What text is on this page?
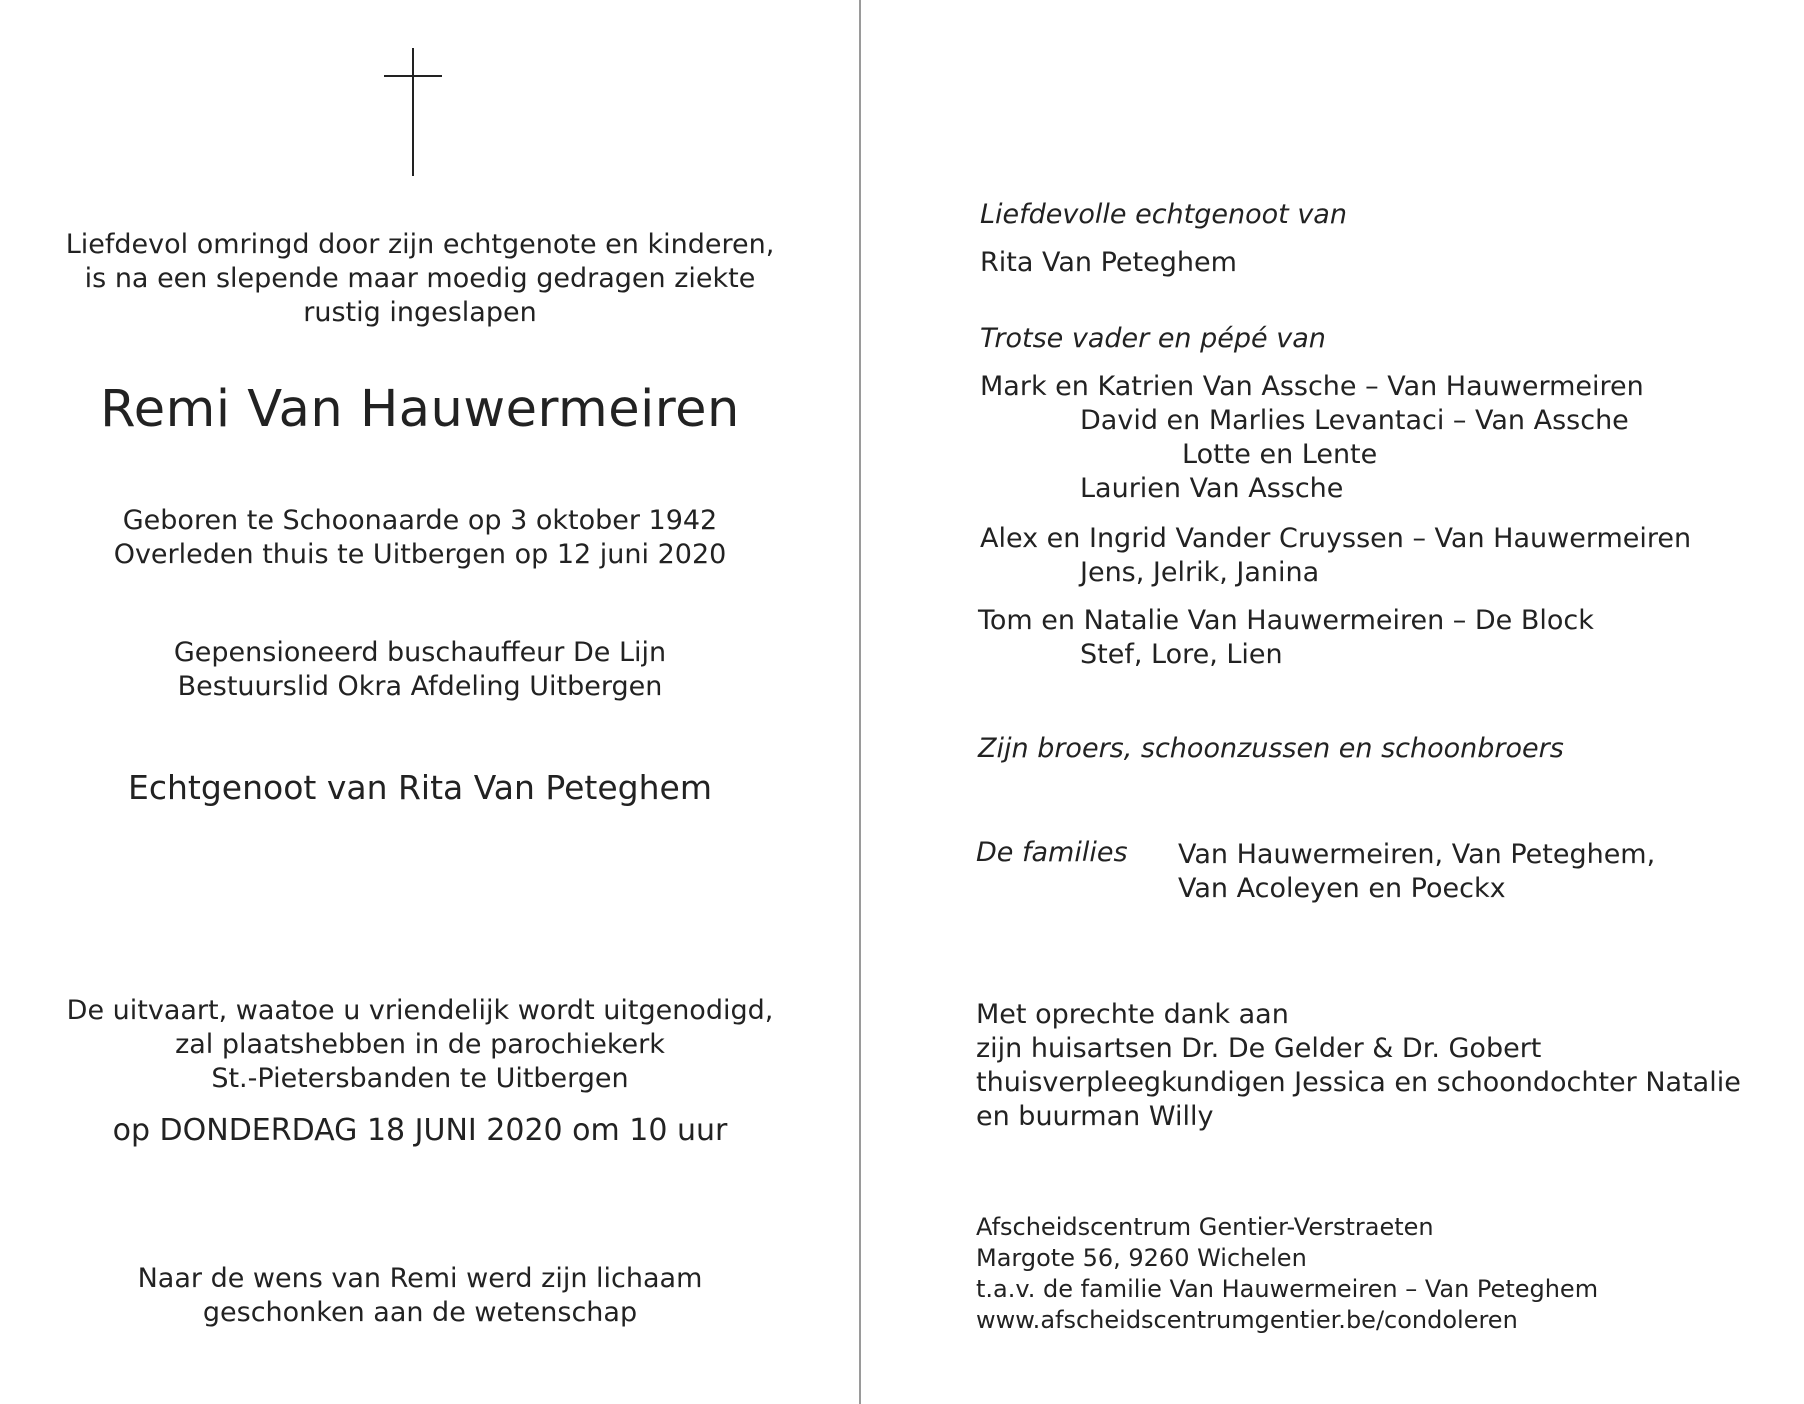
Liefdevol omringd door zijn echtgenote en kinderen,
is na een slepende maar moedig gedragen ziekte
rustig ingeslapen
Remi Van Hauwermeiren
Geboren te Schoonaarde op 3 oktober 1942
Overleden thuis te Uitbergen op 12 juni 2020
Gepensioneerd buschauffeur De Lijn
Bestuurslid Okra Afdeling Uitbergen
Echtgenoot van Rita Van Peteghem
De uitvaart, waatoe u vriendelijk wordt uitgenodigd,
zal plaatshebben in de parochiekerk
St.-Pietersbanden te Uitbergen
op DONDERDAG 18 JUNI 2020 om 10 uur
Naar de wens van Remi werd zijn lichaam
geschonken aan de wetenschap
Liefdevolle echtgenoot van
Rita Van Peteghem
Trotse vader en pépé van
Mark en Katrien Van Assche – Van Hauwermeiren
David en Marlies Levantaci – Van Assche
Lotte en Lente
Laurien Van Assche
Alex en Ingrid Vander Cruyssen – Van Hauwermeiren
Jens, Jelrik, Janina
Tom en Natalie Van Hauwermeiren – De Block
Stef, Lore, Lien
Zijn broers, schoonzussen en schoonbroers
De families Van Hauwermeiren, Van Peteghem,
Van Acoleyen en Poeckx
Met oprechte dank aan
zijn huisartsen Dr. De Gelder & Dr. Gobert
thuisverpleegkundigen Jessica en schoondochter Natalie
en buurman Willy
Afscheidscentrum Gentier-Verstraeten
Margote 56, 9260 Wichelen
t.a.v. de familie Van Hauwermeiren – Van Peteghem
www.afscheidscentrumgentier.be/condoleren
